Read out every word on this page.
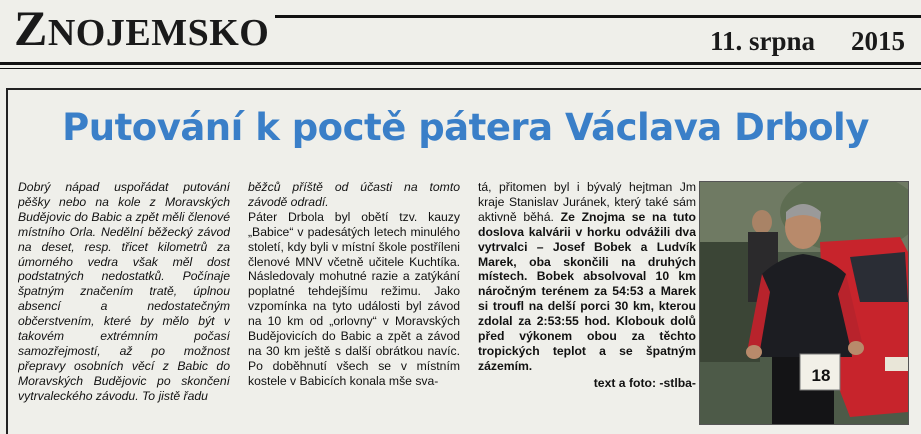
ZNOJEMSKO	11. srpna 2015
Putování k poctě pátera Václava Drboly

Dobrý nápad uspořádat putování pěšky nebo na kole z Moravských Budějovic do Babic a zpět měli členové místního Orla. Nedělní běžecký závod na deset, resp. třicet kilometrů za úmorného vedra však měl dost podstatných nedostatků. Počínaje špatným značením tratě, úplnou absencí a nedostatečným občerstvením, které by mělo být v takovém extrémním počasí samozřejmostí, až po možnost přepravy osobních věcí z Babic do Moravských Budějovic po skončení vytrvaleckého závodu. To jistě řadu

běžců příště od účasti na tomto závodě odradí.

Páter Drbola byl obětí tzv. kauzy „Babice“ v padesátých letech minulého století, kdy byli v místní škole postříleni členové MNV včetně učitele Kuchtíka. Následovaly mohutné razie a zatýkání poplatné tehdejšímu režimu. Jako vzpomínka na tyto události byl závod na 10 km od „orlovny“ v Moravských Budějovicích do Babic a zpět a závod na 30 km ještě s další obrátkou navíc. Po doběhnutí všech se v místním kostele v Babicích konala mše sva-

tá, přitomen byl i bývalý hejtman Jm kraje Stanislav Juránek, který také sám aktivně běhá. Ze Znojma se na tuto doslova kalvárii v horku odvážili dva vytrvalci – Josef Bobek a Ludvík Marek, oba skončili na druhých místech. Bobek absolvoval 10 km náročným terénem za 54:53 a Marek si troufl na delší porci 30 km, kterou zdolal za 2:53:55 hod. Klobouk dolů před výkonem obou za těchto tropických teplot a se špatným zázemím.

text a foto: -stlba-	18
